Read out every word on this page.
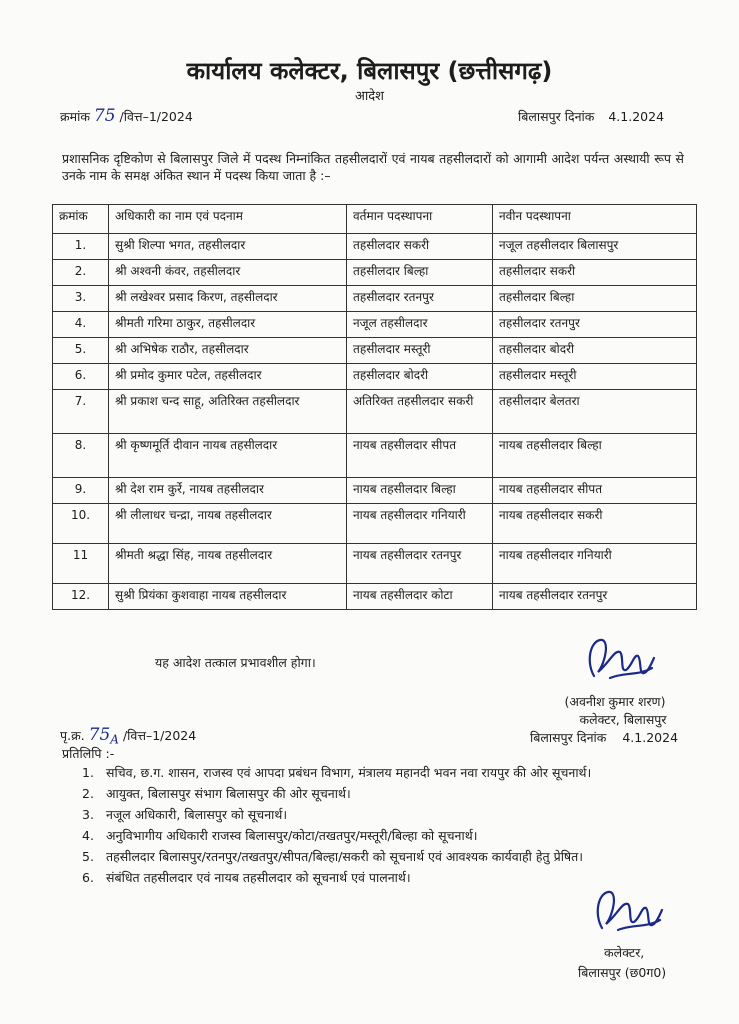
कार्यालय कलेक्टर, बिलासपुर (छत्तीसगढ़)
आदेश
क्रमांक 75 /वित्त–1/2024	बिलासपुर दिनांक 4.1.2024
प्रशासनिक दृष्टिकोण से बिलासपुर जिले में पदस्थ निम्नांकित तहसीलदारों एवं नायब तहसीलदारों को आगामी आदेश पर्यन्त अस्थायी रूप से उनके नाम के समक्ष अंकित स्थान में पदस्थ किया जाता है :–
क्रमांक	अधिकारी का नाम एवं पदनाम	वर्तमान पदस्थापना	नवीन पदस्थापना
1.	सुश्री शिल्पा भगत, तहसीलदार	तहसीलदार सकरी	नजूल तहसीलदार बिलासपुर
2.	श्री अश्वनी कंवर, तहसीलदार	तहसीलदार बिल्हा	तहसीलदार सकरी
3.	श्री लखेश्वर प्रसाद किरण, तहसीलदार	तहसीलदार रतनपुर	तहसीलदार बिल्हा
4.	श्रीमती गरिमा ठाकुर, तहसीलदार	नजूल तहसीलदार	तहसीलदार रतनपुर
5.	श्री अभिषेक राठौर, तहसीलदार	तहसीलदार मस्तूरी	तहसीलदार बोदरी
6.	श्री प्रमोद कुमार पटेल, तहसीलदार	तहसीलदार बोदरी	तहसीलदार मस्तूरी
7.	श्री प्रकाश चन्द साहू, अतिरिक्त तहसीलदार	अतिरिक्त तहसीलदार सकरी	तहसीलदार बेलतरा
8.	श्री कृष्णमूर्ति दीवान नायब तहसीलदार	नायब तहसीलदार सीपत	नायब तहसीलदार बिल्हा
9.	श्री देश राम कुर्रे, नायब तहसीलदार	नायब तहसीलदार बिल्हा	नायब तहसीलदार सीपत
10.	श्री लीलाधर चन्द्रा, नायब तहसीलदार	नायब तहसीलदार गनियारी	नायब तहसीलदार सकरी
11	श्रीमती श्रद्धा सिंह, नायब तहसीलदार	नायब तहसीलदार रतनपुर	नायब तहसीलदार गनियारी
12.	सुश्री प्रियंका कुशवाहा नायब तहसीलदार	नायब तहसीलदार कोटा	नायब तहसीलदार रतनपुर
यह आदेश तत्काल प्रभावशील होगा।
(अवनीश कुमार शरण)
कलेक्टर, बिलासपुर
पृ.क्र. $75_A$ /वित्त–1/2024	बिलासपुर दिनांक 4.1.2024
प्रतिलिपि :-
1. सचिव, छ.ग. शासन, राजस्व एवं आपदा प्रबंधन विभाग, मंत्रालय महानदी भवन नवा रायपुर की ओर सूचनार्थ।
2. आयुक्त, बिलासपुर संभाग बिलासपुर की ओर सूचनार्थ।
3. नजूल अधिकारी, बिलासपुर को सूचनार्थ।
4. अनुविभागीय अधिकारी राजस्व बिलासपुर/कोटा/तखतपुर/मस्तूरी/बिल्हा को सूचनार्थ।
5. तहसीलदार बिलासपुर/रतनपुर/तखतपुर/सीपत/बिल्हा/सकरी को सूचनार्थ एवं आवश्यक कार्यवाही हेतु प्रेषित।
6. संबंधित तहसीलदार एवं नायब तहसीलदार को सूचनार्थ एवं पालनार्थ।
कलेक्टर,
बिलासपुर (छ0ग0)
